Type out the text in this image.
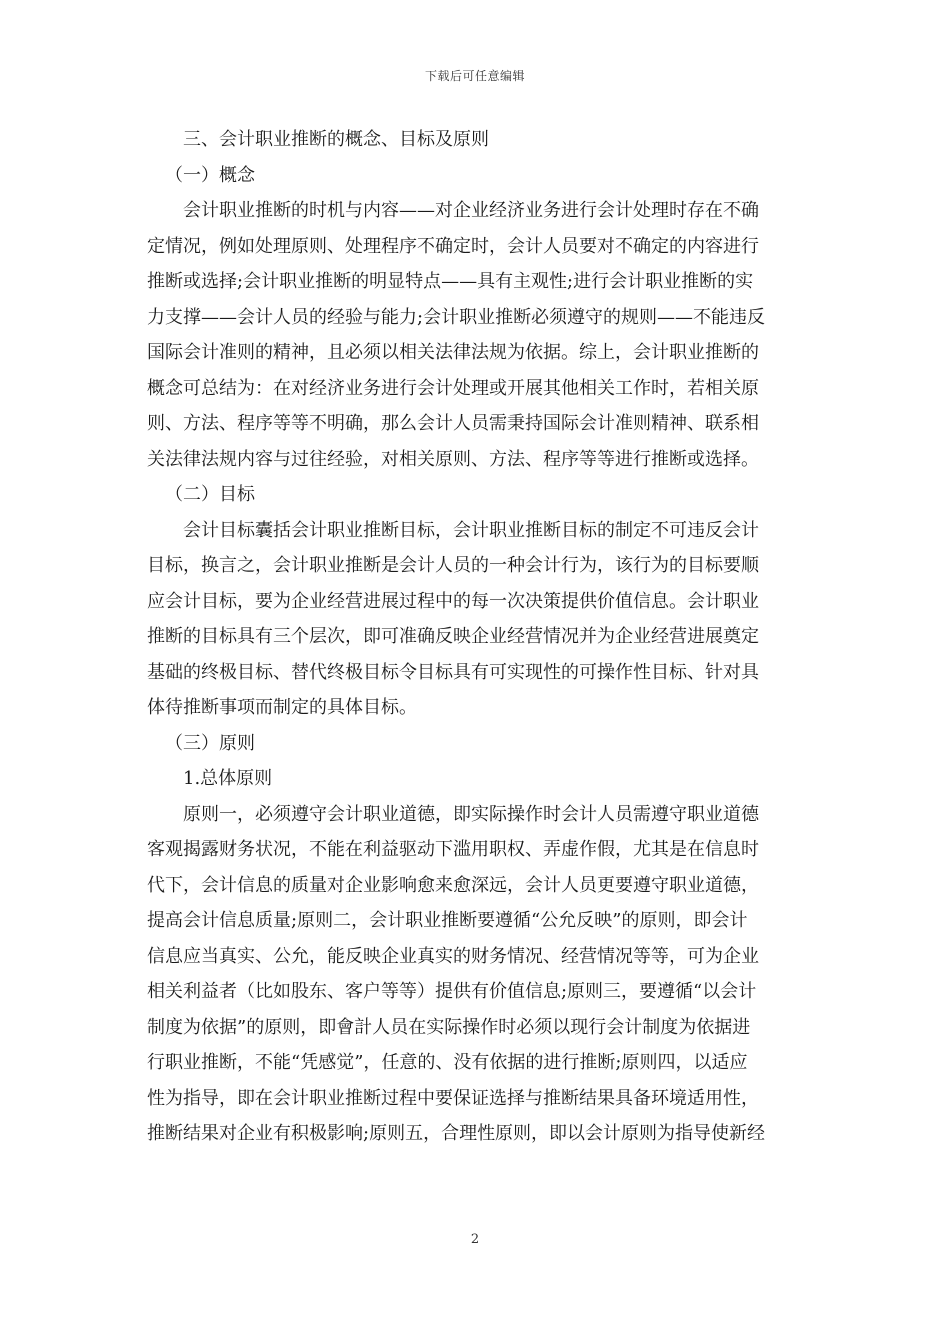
下载后可任意编辑

三、会计职业推断的概念、目标及原则

（一）概念

会计职业推断的时机与内容——对企业经济业务进行会计处理时存在不确

定情况，例如处理原则、处理程序不确定时，会计人员要对不确定的内容进行

推断或选择;会计职业推断的明显特点——具有主观性;进行会计职业推断的实

力支撑——会计人员的经验与能力;会计职业推断必须遵守的规则——不能违反

国际会计准则的精神，且必须以相关法律法规为依据。综上，会计职业推断的

概念可总结为：在对经济业务进行会计处理或开展其他相关工作时，若相关原

则、方法、程序等等不明确，那么会计人员需秉持国际会计准则精神、联系相

关法律法规内容与过往经验，对相关原则、方法、程序等等进行推断或选择。

（二）目标

会计目标囊括会计职业推断目标，会计职业推断目标的制定不可违反会计

目标，换言之，会计职业推断是会计人员的一种会计行为，该行为的目标要顺

应会计目标，要为企业经营进展过程中的每一次决策提供价值信息。会计职业

推断的目标具有三个层次，即可准确反映企业经营情况并为企业经营进展奠定

基础的终极目标、替代终极目标令目标具有可实现性的可操作性目标、针对具

体待推断事项而制定的具体目标。

（三）原则

1.总体原则

原则一，必须遵守会计职业道德，即实际操作时会计人员需遵守职业道德

客观揭露财务状况，不能在利益驱动下滥用职权、弄虚作假，尤其是在信息时

代下，会计信息的质量对企业影响愈来愈深远，会计人员更要遵守职业道德，

提高会计信息质量;原则二，会计职业推断要遵循“公允反映”的原则，即会计

信息应当真实、公允，能反映企业真实的财务情况、经营情况等等，可为企业

相关利益者（比如股东、客户等等）提供有价值信息;原则三，要遵循“以会计

制度为依据”的原则，即會計人员在实际操作时必须以现行会计制度为依据进

行职业推断，不能“凭感觉”，任意的、没有依据的进行推断;原则四，以适应

性为指导，即在会计职业推断过程中要保证选择与推断结果具备环境适用性，

推断结果对企业有积极影响;原则五，合理性原则，即以会计原则为指导使新经

2
